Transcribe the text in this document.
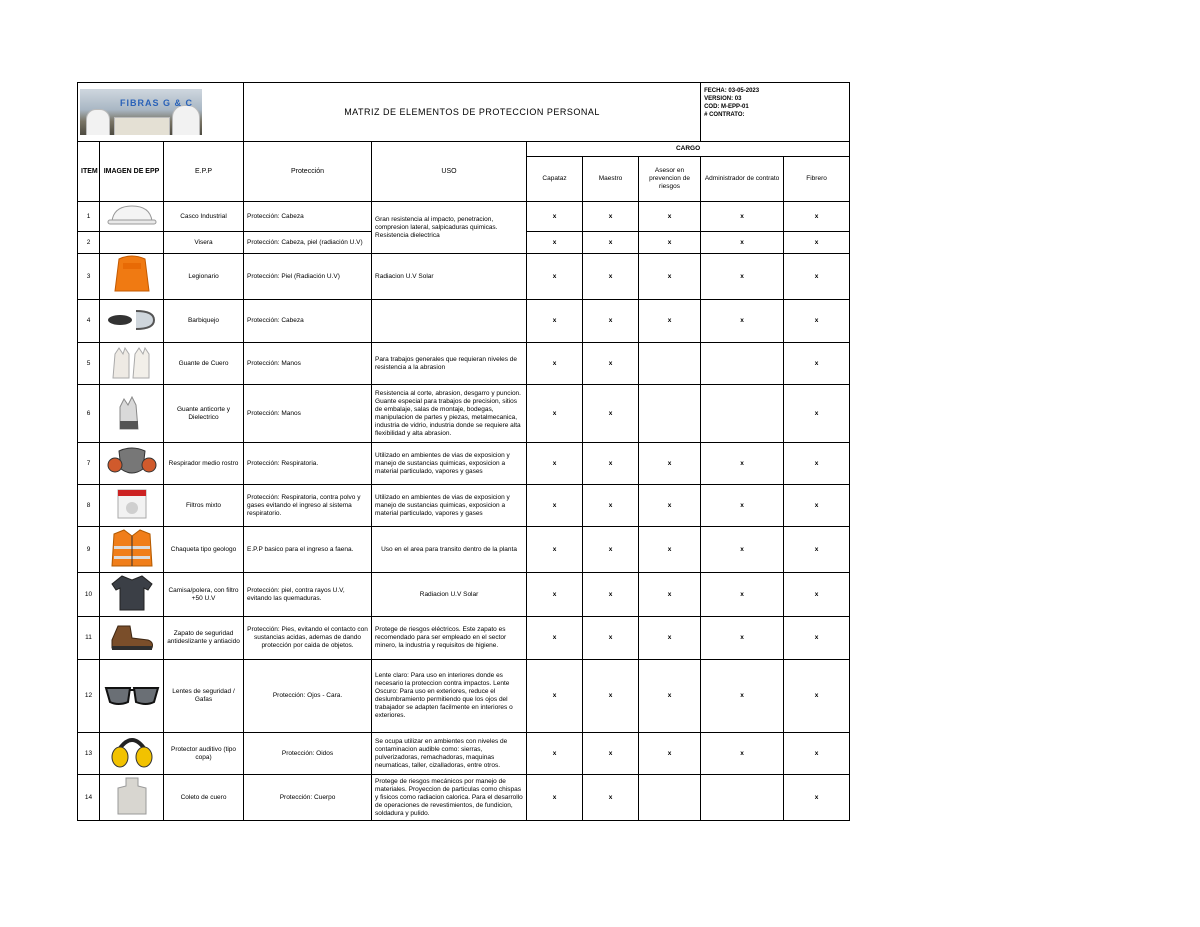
FIBRAS G & C			MATRIZ DE ELEMENTOS DE PROTECCION PERSONAL					FECHA: 03-05-2023
VERSION: 03
COD: M-EPP-01
# CONTRATO:	

ITEM	IMAGEN DE EPP	E.P.P	Protección	USO	CARGO				
					Capataz	Maestro	Asesor en prevencion de riesgos	Administrador de contrato	Fibrero
1		Casco Industrial	Protección: Cabeza	Gran resistencia al impacto, penetracion, compresion lateral, salpicaduras quimicas. Resistencia dielectrica	x	x	x	x	x
2		Visera	Protección: Cabeza, piel (radiación U.V)		x	x	x	x	x
3		Legionario	Protección: Piel (Radiación U.V)	Radiacion U.V Solar	x	x	x	x	x
4		Barbiquejo	Protección: Cabeza		x	x	x	x	x
5		Guante de Cuero	Protección: Manos	Para trabajos generales que requieran niveles de resistencia a la abrasion	x	x			x
6		Guante anticorte y Dielectrico	Protección: Manos	Resistencia al corte, abrasion, desgarro y puncion. Guante especial para trabajos de precision, sitios de embalaje, salas de montaje, bodegas, manipulacion de partes y piezas, metalmecanica, industria de vidrio, industria donde se requiere alta flexibilidad y alta abrasion.	x	x			x
7		Respirador medio rostro	Protección: Respiratoria.	Utilizado en ambientes de vias de exposicion y manejo de sustancias quimicas, exposicion a material particulado, vapores y gases	x	x	x	x	x
8		Filtros mixto	Protección: Respiratoria, contra polvo y gases evitando el ingreso al sistema respiratorio.	Utilizado en ambientes de vias de exposicion y manejo de sustancias quimicas, exposicion a material particulado, vapores y gases	x	x	x	x	x
9		Chaqueta tipo geologo	E.P.P basico para el ingreso a faena.	Uso en el area para transito dentro de la planta	x	x	x	x	x
10		Camisa/polera, con filtro +50 U.V	Protección: piel, contra rayos U.V, evitando las quemaduras.	Radiacion U.V Solar	x	x	x	x	x
11		Zapato de seguridad antideslizante y antiacido	Protección: Pies, evitando el contacto con sustancias acidas, ademas de dando protección por caida de objetos.	Protege de riesgos eléctricos. Este zapato es recomendado para ser empleado en el sector minero, la industria y requisitos de higiene.	x	x	x	x	x
12		Lentes de seguridad / Gafas	Protección: Ojos - Cara.	Lente claro: Para uso en interiores donde es necesario la proteccion contra impactos. Lente Oscuro: Para uso en exteriores, reduce el deslumbramiento permitiendo que los ojos del trabajador se adapten facilmente en interiores o exteriores.	x	x	x	x	x
13		Protector auditivo (tipo copa)	Protección: Oidos	Se ocupa utilizar en ambientes con niveles de contaminacion audible como: sierras, pulverizadoras, remachadoras, maquinas neumaticas, taller, cizalladoras, entre otros.	x	x	x	x	x
14		Coleto de cuero	Protección: Cuerpo	Protege de riesgos mecánicos por manejo de materiales. Proyeccion de particulas como chispas y fisicos como radiacion calorica. Para el desarrollo de operaciones de revestimientos, de fundicion, soldadura y pulido.	x	x			x
